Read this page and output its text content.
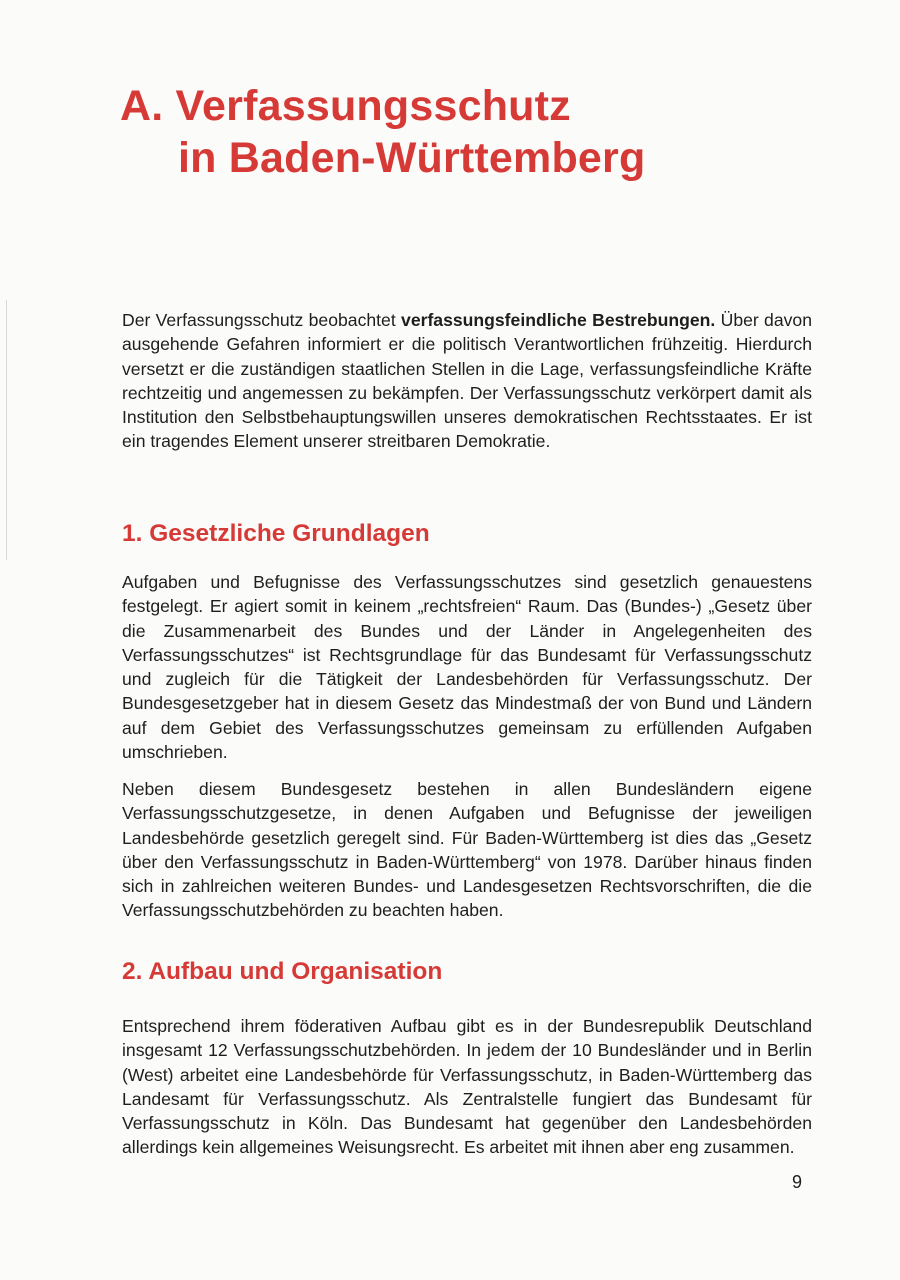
A. Verfassungsschutz
in Baden-Württemberg

Der Verfassungsschutz beobachtet verfassungsfeindliche Bestrebungen. Über davon ausgehende Gefahren informiert er die politisch Verantwortlichen frühzeitig. Hierdurch versetzt er die zuständigen staatlichen Stellen in die Lage, verfassungsfeindliche Kräfte rechtzeitig und angemessen zu bekämpfen. Der Verfassungsschutz verkörpert damit als Institution den Selbstbehauptungswillen unseres demokratischen Rechtsstaates. Er ist ein tragendes Element unserer streitbaren Demokratie.

1. Gesetzliche Grundlagen

Aufgaben und Befugnisse des Verfassungsschutzes sind gesetzlich genauestens festgelegt. Er agiert somit in keinem „rechtsfreien“ Raum. Das (Bundes-) „Gesetz über die Zusammenarbeit des Bundes und der Länder in Angelegenheiten des Verfassungsschutzes“ ist Rechtsgrundlage für das Bundesamt für Verfassungsschutz und zugleich für die Tätigkeit der Landesbehörden für Verfassungsschutz. Der Bundesgesetzgeber hat in diesem Gesetz das Mindestmaß der von Bund und Ländern auf dem Gebiet des Verfassungsschutzes gemeinsam zu erfüllenden Aufgaben umschrieben.

Neben diesem Bundesgesetz bestehen in allen Bundesländern eigene Verfassungsschutzgesetze, in denen Aufgaben und Befugnisse der jeweiligen Landesbehörde gesetzlich geregelt sind. Für Baden-Württemberg ist dies das „Gesetz über den Verfassungsschutz in Baden-Württemberg“ von 1978. Darüber hinaus finden sich in zahlreichen weiteren Bundes- und Landesgesetzen Rechtsvorschriften, die die Verfassungsschutzbehörden zu beachten haben.

2. Aufbau und Organisation

Entsprechend ihrem föderativen Aufbau gibt es in der Bundesrepublik Deutschland insgesamt 12 Verfassungsschutzbehörden. In jedem der 10 Bundesländer und in Berlin (West) arbeitet eine Landesbehörde für Verfassungsschutz, in Baden-Württemberg das Landesamt für Verfassungsschutz. Als Zentralstelle fungiert das Bundesamt für Verfassungsschutz in Köln. Das Bundesamt hat gegenüber den Landesbehörden allerdings kein allgemeines Weisungsrecht. Es arbeitet mit ihnen aber eng zusammen.

9
